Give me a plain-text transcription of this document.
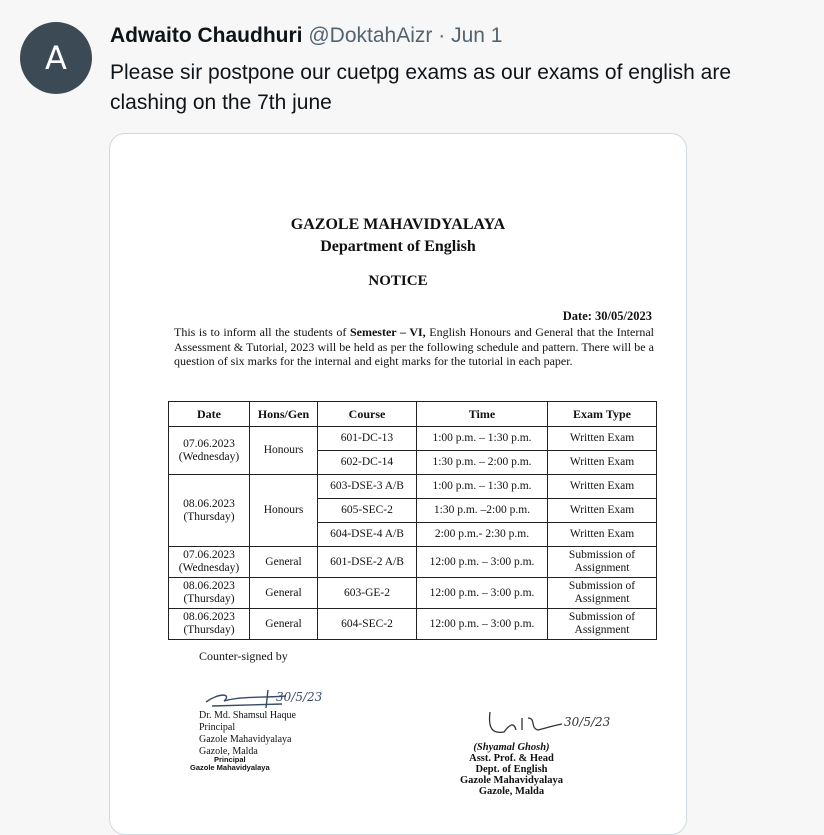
A
Adwaito Chaudhuri @DoktahAizr · Jun 1
Please sir postpone our cuetpg exams as our exams of english are clashing on the 7th june
GAZOLE MAHAVIDYALAYA
Department of English
NOTICE
Date: 30/05/2023
This is to inform all the students of Semester – VI, English Honours and General that the Internal Assessment & Tutorial, 2023 will be held as per the following schedule and pattern. There will be a question of six marks for the internal and eight marks for the tutorial in each paper.
Date	Hons/Gen	Course	Time	Exam Type
07.06.2023
(Wednesday)	Honours	601-DC-13	1:00 p.m. – 1:30 p.m.	Written Exam
		602-DC-14	1:30 p.m. – 2:00 p.m.	Written Exam
08.06.2023
(Thursday)	Honours	603-DSE-3 A/B	1:00 p.m. – 1:30 p.m.	Written Exam
		605-SEC-2	1:30 p.m. –2:00 p.m.	Written Exam
		604-DSE-4 A/B	2:00 p.m.- 2:30 p.m.	Written Exam
07.06.2023
(Wednesday)	General	601-DSE-2 A/B	12:00 p.m. – 3:00 p.m.	Submission of
Assignment
08.06.2023
(Thursday)	General	603-GE-2	12:00 p.m. – 3:00 p.m.	Submission of
Assignment
08.06.2023
(Thursday)	General	604-SEC-2	12:00 p.m. – 3:00 p.m.	Submission of
Assignment
Counter-signed by
30/5/23
Dr. Md. Shamsul Haque
Principal
Gazole Mahavidyalaya
Gazole, Malda
Principal
Gazole Mahavidyalaya
30/5/23
(Shyamal Ghosh)
Asst. Prof. & Head
Dept. of English
Gazole Mahavidyalaya
Gazole, Malda
